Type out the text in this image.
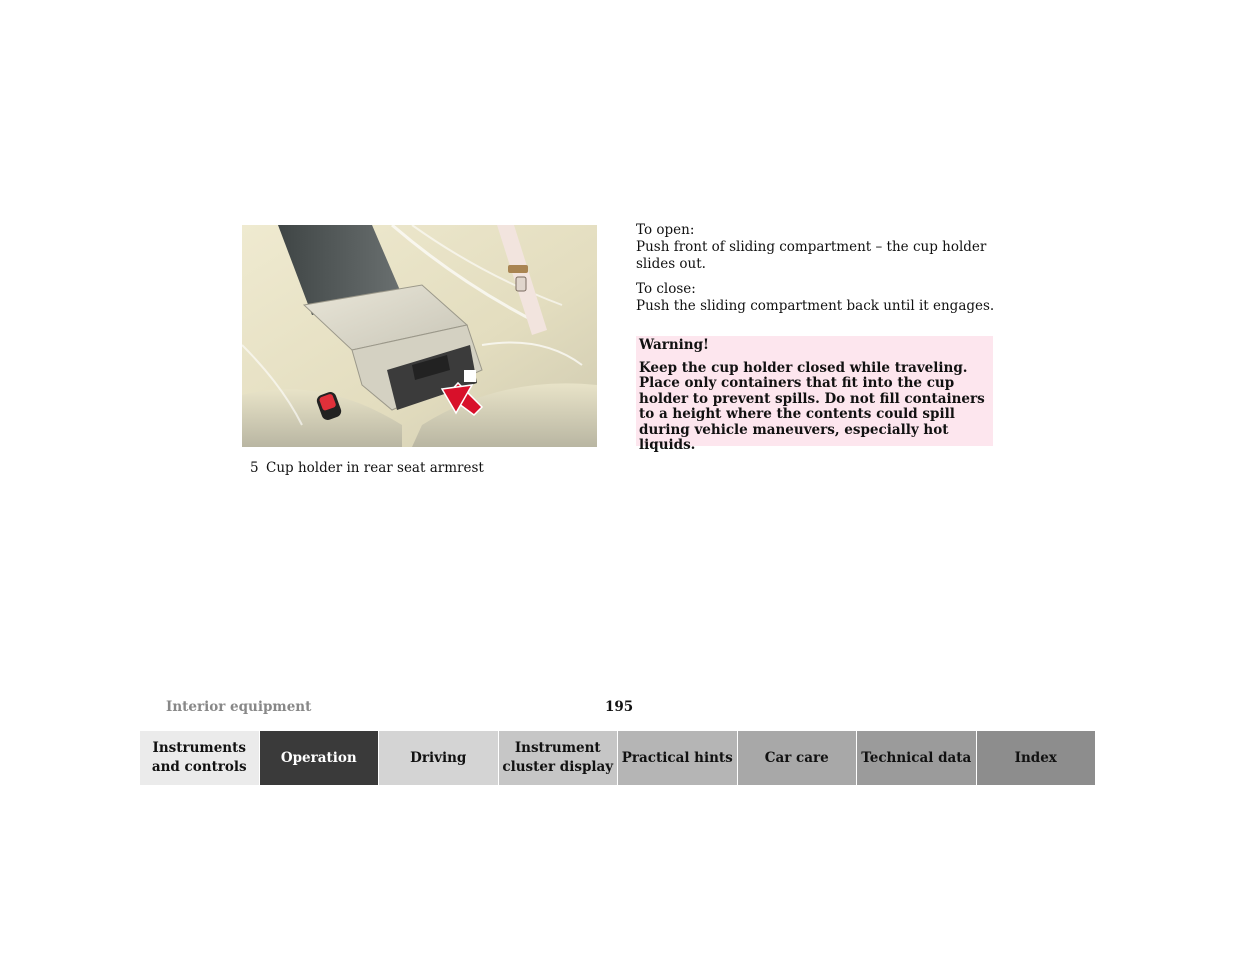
5 Cup holder in rear seat armrest

To open:
Push front of sliding compartment – the cup holder slides out.

To close:
Push the sliding compartment back until it engages.

Warning!

Keep the cup holder closed while traveling. Place only containers that fit into the cup holder to prevent spills. Do not fill containers to a height where the contents could spill during vehicle maneuvers, especially hot liquids.

Interior equipment	195
Instruments and controls
Operation	Driving
Instrument cluster display
Practical hints Car care Technical data	Index
